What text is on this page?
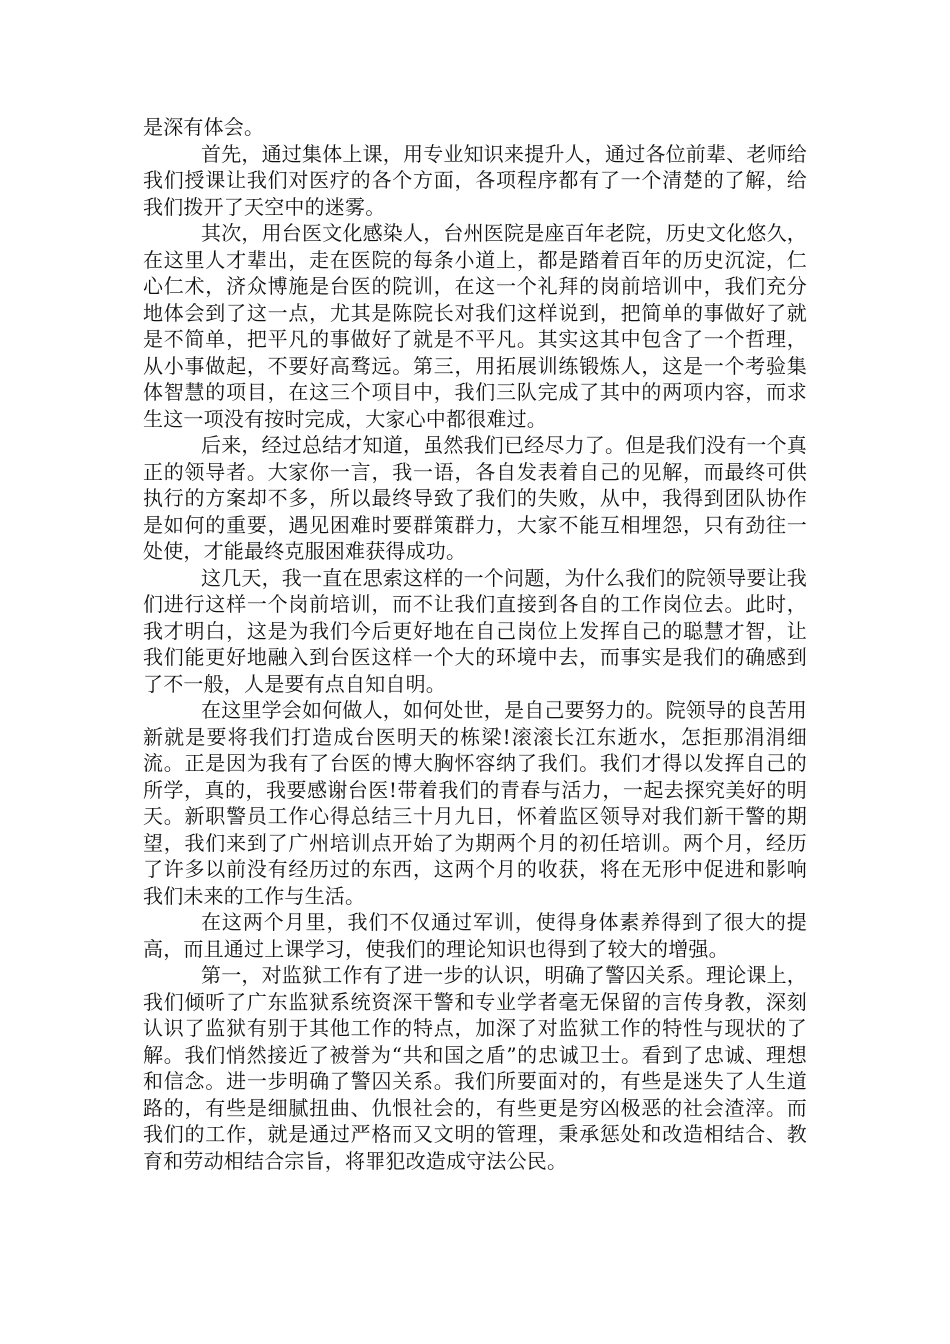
是深有体会。

首先，通过集体上课，用专业知识来提升人，通过各位前辈、老师给我们授课让我们对医疗的各个方面，各项程序都有了一个清楚的了解，给我们拨开了天空中的迷雾。

其次，用台医文化感染人，台州医院是座百年老院，历史文化悠久，在这里人才辈出，走在医院的每条小道上，都是踏着百年的历史沉淀，仁心仁术，济众博施是台医的院训，在这一个礼拜的岗前培训中，我们充分地体会到了这一点，尤其是陈院长对我们这样说到，把简单的事做好了就是不简单，把平凡的事做好了就是不平凡。其实这其中包含了一个哲理，从小事做起，不要好高骛远。第三，用拓展训练锻炼人，这是一个考验集体智慧的项目，在这三个项目中，我们三队完成了其中的两项内容，而求生这一项没有按时完成，大家心中都很难过。

后来，经过总结才知道，虽然我们已经尽力了。但是我们没有一个真正的领导者。大家你一言，我一语，各自发表着自己的见解，而最终可供执行的方案却不多，所以最终导致了我们的失败，从中，我得到团队协作是如何的重要，遇见困难时要群策群力，大家不能互相埋怨，只有劲往一处使，才能最终克服困难获得成功。

这几天，我一直在思索这样的一个问题，为什么我们的院领导要让我们进行这样一个岗前培训，而不让我们直接到各自的工作岗位去。此时，我才明白，这是为我们今后更好地在自己岗位上发挥自己的聪慧才智，让我们能更好地融入到台医这样一个大的环境中去，而事实是我们的确感到了不一般，人是要有点自知自明。

在这里学会如何做人，如何处世，是自己要努力的。院领导的良苦用新就是要将我们打造成台医明天的栋梁!滚滚长江东逝水，怎拒那涓涓细流。正是因为我有了台医的博大胸怀容纳了我们。我们才得以发挥自己的所学，真的，我要感谢台医!带着我们的青春与活力，一起去探究美好的明天。新职警员工作心得总结三十月九日，怀着监区领导对我们新干警的期望，我们来到了广州培训点开始了为期两个月的初任培训。两个月，经历了许多以前没有经历过的东西，这两个月的收获，将在无形中促进和影响我们未来的工作与生活。

在这两个月里，我们不仅通过军训，使得身体素养得到了很大的提高，而且通过上课学习，使我们的理论知识也得到了较大的增强。

第一，对监狱工作有了进一步的认识，明确了警囚关系。理论课上，我们倾听了广东监狱系统资深干警和专业学者毫无保留的言传身教，深刻认识了监狱有别于其他工作的特点，加深了对监狱工作的特性与现状的了解。我们悄然接近了被誉为“共和国之盾”的忠诚卫士。看到了忠诚、理想和信念。进一步明确了警囚关系。我们所要面对的，有些是迷失了人生道路的，有些是细腻扭曲、仇恨社会的，有些更是穷凶极恶的社会渣滓。而我们的工作，就是通过严格而又文明的管理，秉承惩处和改造相结合、教育和劳动相结合宗旨，将罪犯改造成守法公民。
